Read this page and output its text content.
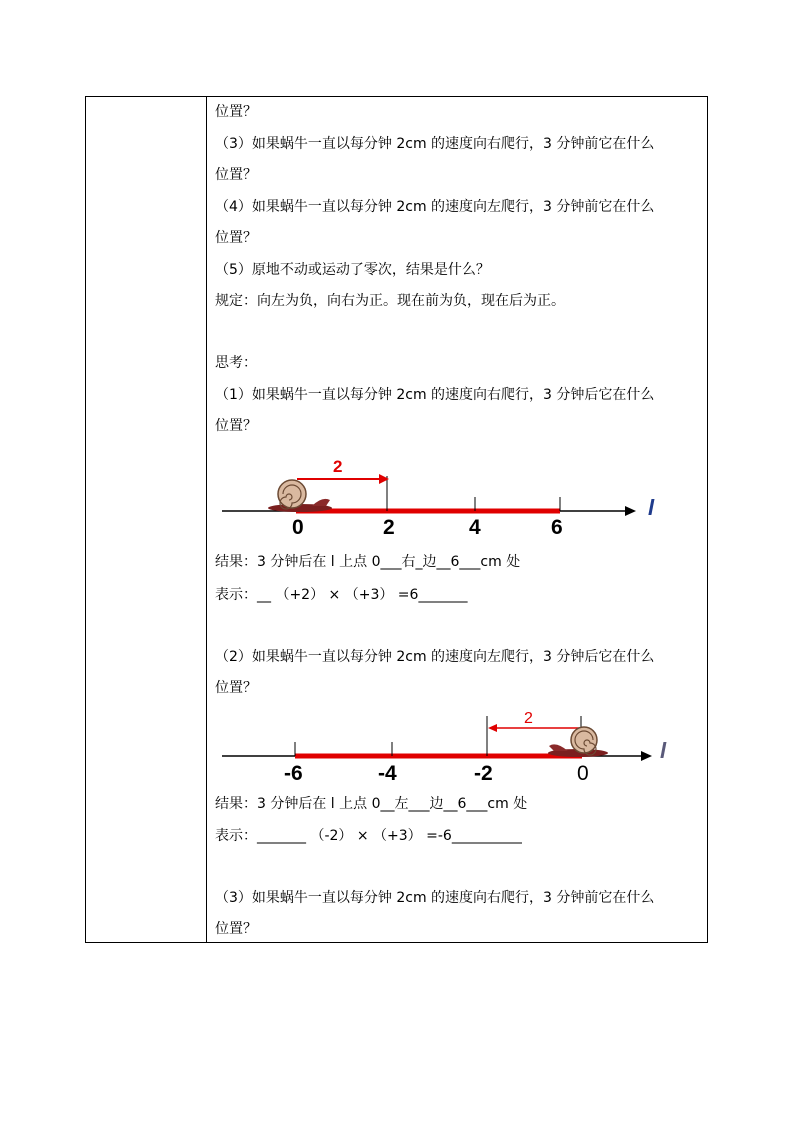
位置？
（3）如果蜗牛一直以每分钟 2cm 的速度向右爬行，3 分钟前它在什么
位置？
（4）如果蜗牛一直以每分钟 2cm 的速度向左爬行，3 分钟前它在什么
位置？
（5）原地不动或运动了零次，结果是什么？
规定：向左为负，向右为正。现在前为负，现在后为正。
思考：
（1）如果蜗牛一直以每分钟 2cm 的速度向右爬行，3 分钟后它在什么
位置？
2
0	2	4	6
l
2
-6	-4	-2	0
l
结果：3 分钟后在 l 上点 0___右_边__6___cm 处
表示：__ （+2） × （+3） =6_______
（2）如果蜗牛一直以每分钟 2cm 的速度向左爬行，3 分钟后它在什么
位置？
结果：3 分钟后在 l 上点 0__左___边__6___cm 处
表示：_______ （-2） × （+3） =-6__________
（3）如果蜗牛一直以每分钟 2cm 的速度向右爬行，3 分钟前它在什么
位置？
